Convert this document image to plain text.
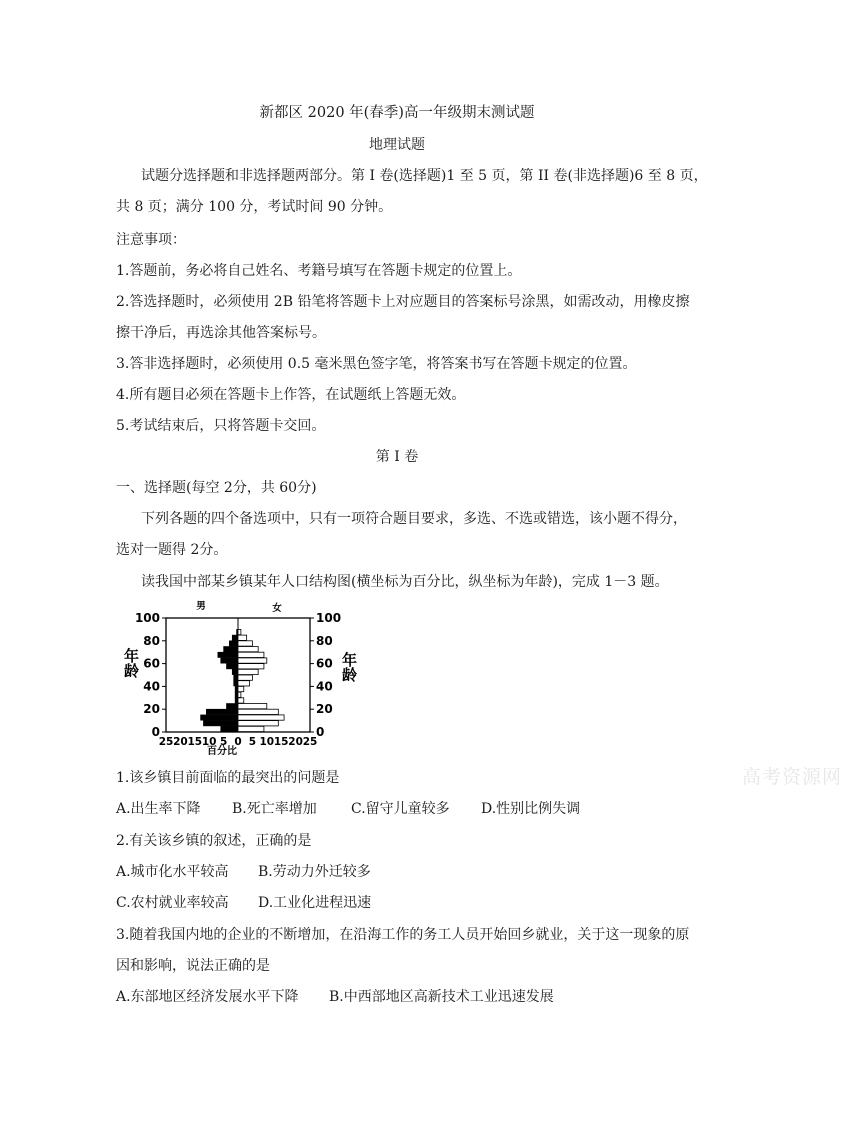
新都区 2020 年(春季)高一年级期末测试题
地理试题
试题分选择题和非选择题两部分。第 I 卷(选择题)1 至 5 页，第 II 卷(非选择题)6 至 8 页，
共 8 页；满分 100 分，考试时间 90 分钟。
注意事项：
1.答题前，务必将自己姓名、考籍号填写在答题卡规定的位置上。
2.答选择题时，必须使用 2B 铅笔将答题卡上对应题目的答案标号涂黑，如需改动，用橡皮擦
擦干净后，再选涂其他答案标号。
3.答非选择题时，必须使用 0.5 毫米黑色签字笔，将答案书写在答题卡规定的位置。
4.所有题目必须在答题卡上作答，在试题纸上答题无效。
5.考试结束后，只将答题卡交回。
第 I 卷
一、选择题(每空 2分，共 60分)
下列各题的四个备选项中，只有一项符合题目要求，多选、不选或错选，该小题不得分，
选对一题得 2分。
读我国中部某乡镇某年人口结构图(横坐标为百分比，纵坐标为年龄)，完成 1－3 题。
0
20
40
60
80
100
0
20
40
60
80
100
25 20 15 10 5 0 5 10 15 20 25
男	女
百分比
年龄	年龄
高考资源网
1.该乡镇目前面临的最突出的问题是
A.出生率下降 B.死亡率增加 C.留守儿童较多 D.性别比例失调
2.有关该乡镇的叙述，正确的是
A.城市化水平较高 B.劳动力外迁较多
C.农村就业率较高 D.工业化进程迅速
3.随着我国内地的企业的不断增加，在沿海工作的务工人员开始回乡就业，关于这一现象的原
因和影响，说法正确的是
A.东部地区经济发展水平下降 B.中西部地区高新技术工业迅速发展
